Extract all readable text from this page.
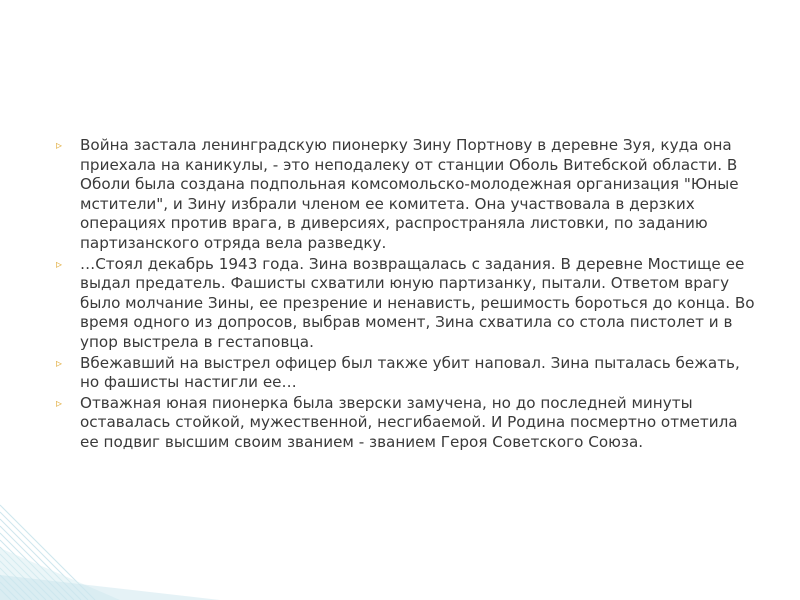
▹ Война застала ленинградскую пионерку Зину Портнову в деревне Зуя, куда она приехала на каникулы, - это неподалеку от станции Оболь Витебской области. В Оболи была создана подпольная комсомольско-молодежная организация "Юные мстители", и Зину избрали членом ее комитета. Она участвовала в дерзких операциях против врага, в диверсиях, распространяла листовки, по заданию партизанского отряда вела разведку.
▹ …Стоял декабрь 1943 года. Зина возвращалась с задания. В деревне Мостище ее выдал предатель. Фашисты схватили юную партизанку, пытали. Ответом врагу было молчание Зины, ее презрение и ненависть, решимость бороться до конца. Во время одного из допросов, выбрав момент, Зина схватила со стола пистолет и в упор выстрела в гестаповца.
▹ Вбежавший на выстрел офицер был также убит наповал. Зина пыталась бежать, но фашисты настигли ее…
▹ Отважная юная пионерка была зверски замучена, но до последней минуты оставалась стойкой, мужественной, несгибаемой. И Родина посмертно отметила ее подвиг высшим своим званием - званием Героя Советского Союза.
